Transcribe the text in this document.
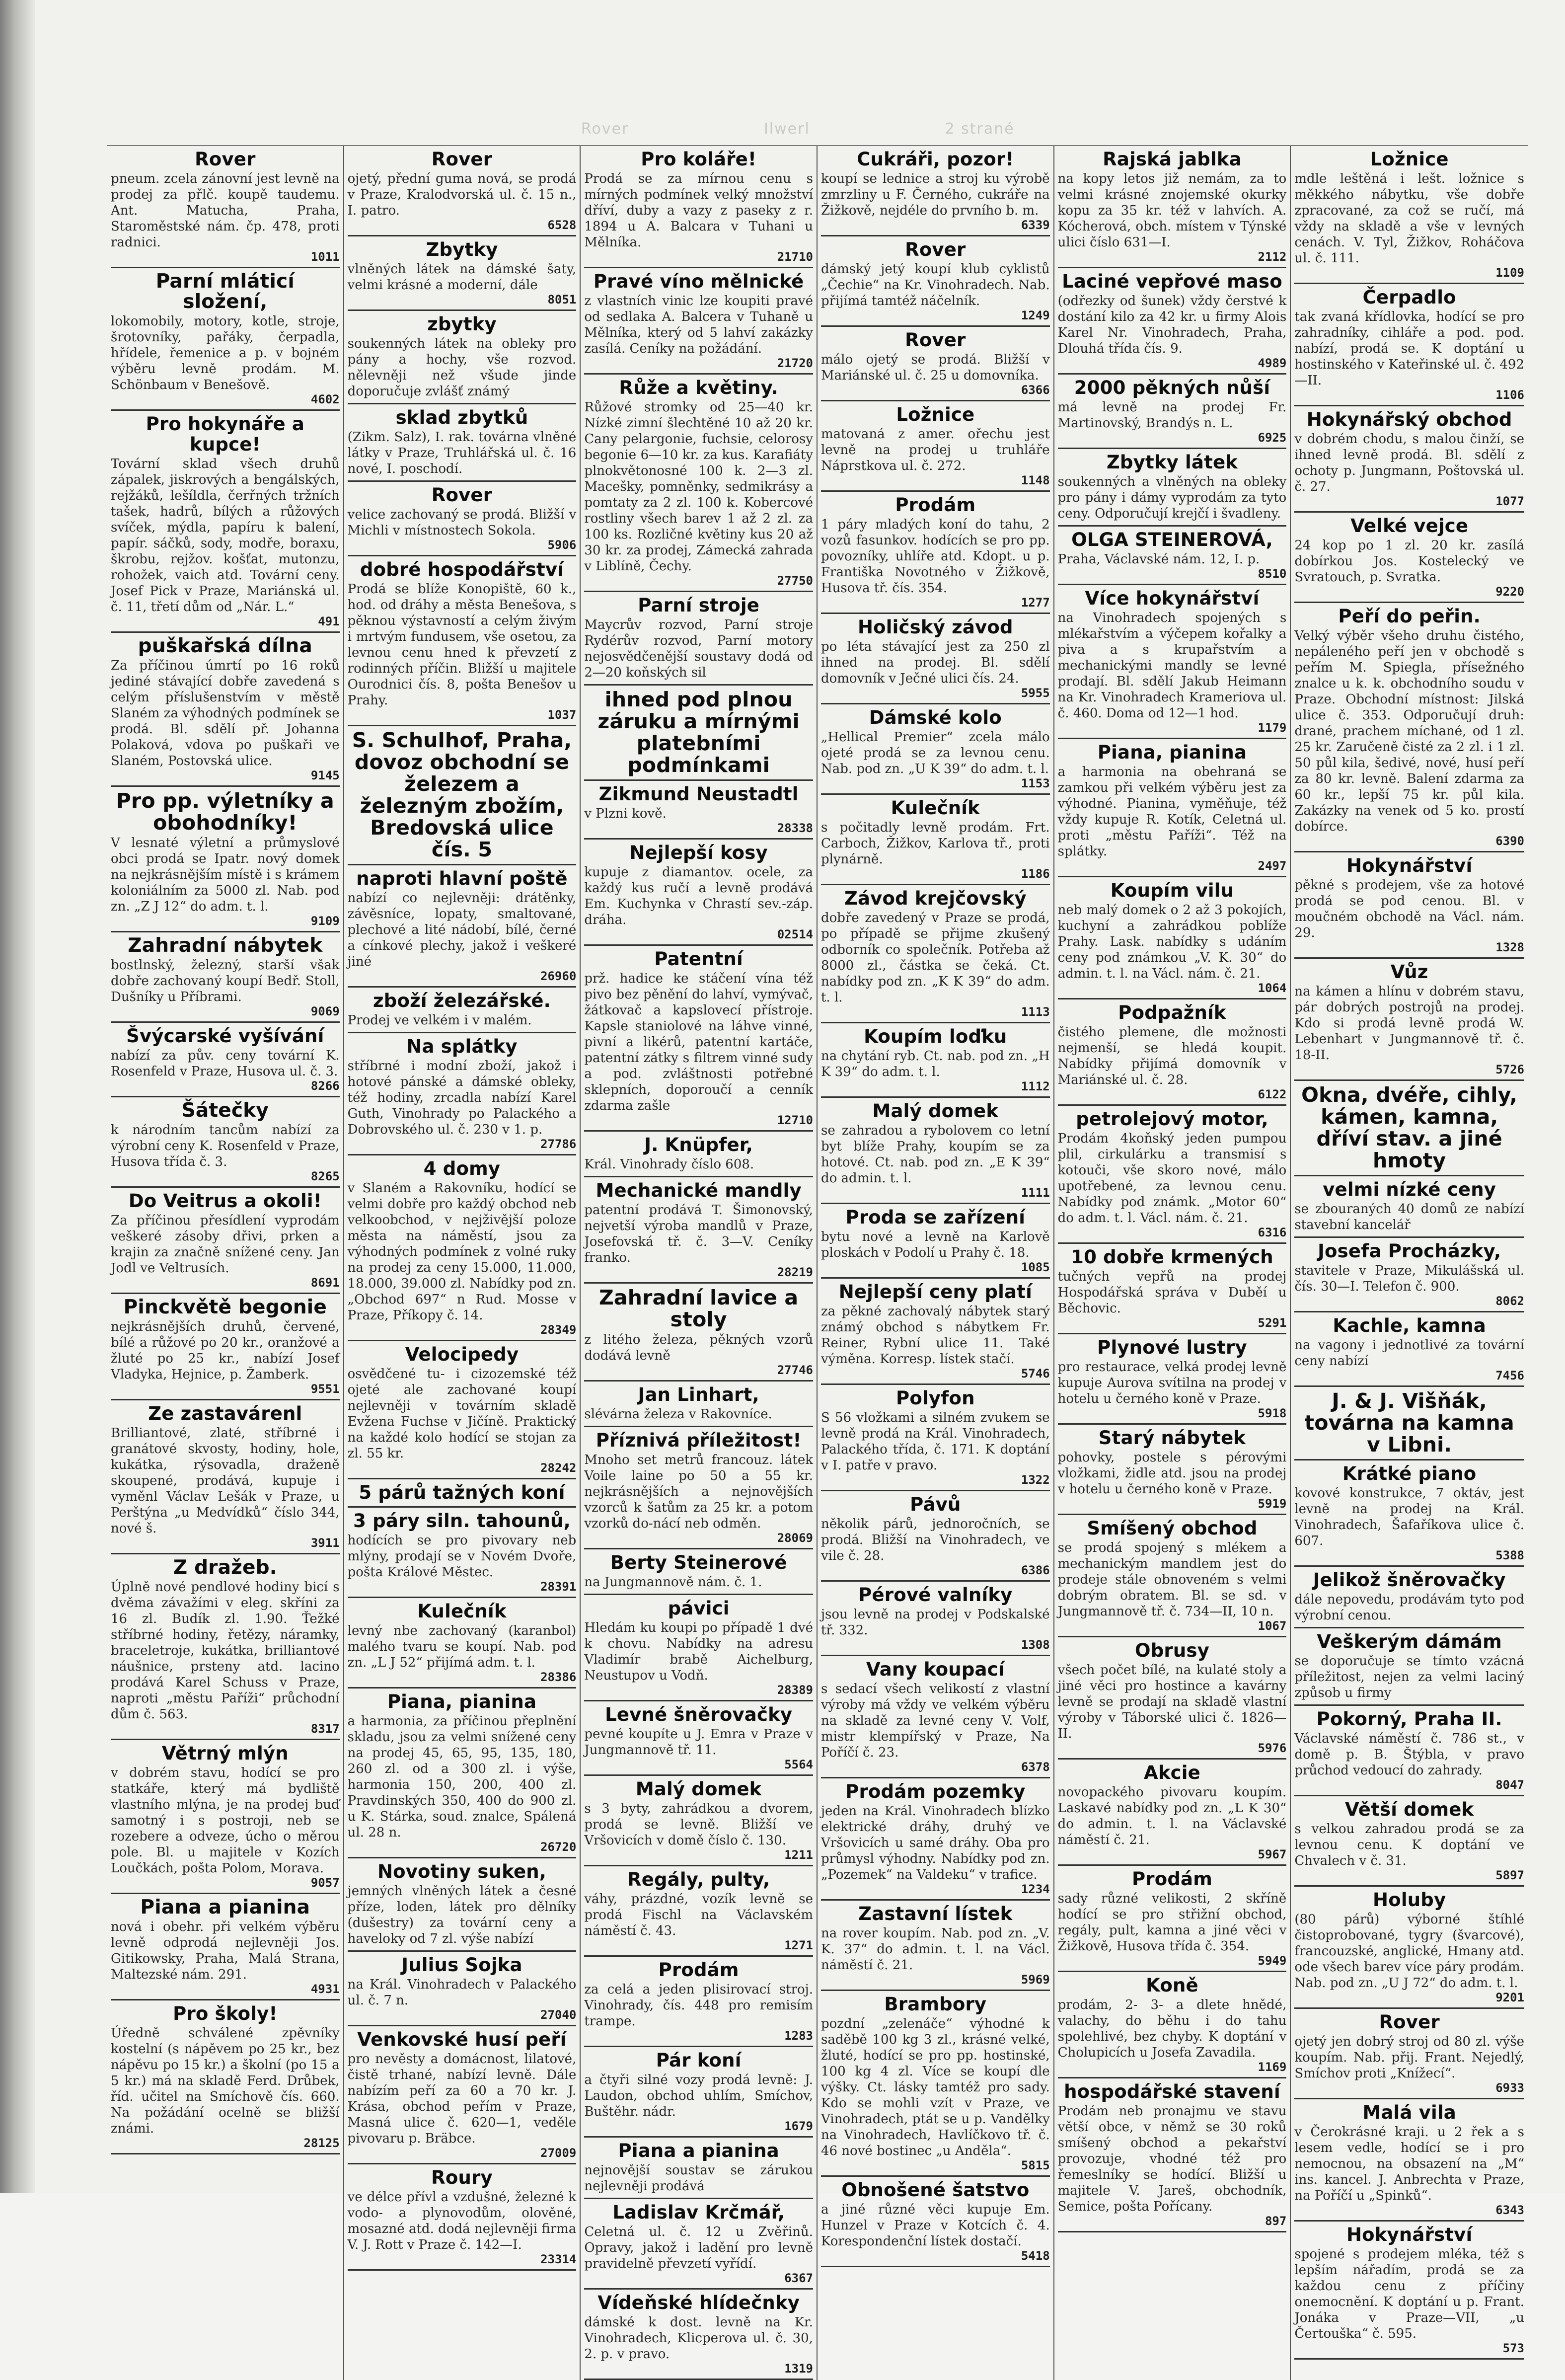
Rover	Ilwerl	2 strané
Rover

pneum. zcela zánovní jest levně na prodej za přlč. koupě taudemu. Ant. Matucha, Praha, Staroměstské nám. čp. 478, proti radnici.

1011
Parní mláticí složení,

lokomobily, motory, kotle, stroje, šrotovníky, pařáky, čerpadla, hřídele, řemenice a p. v bojném výběru levně prodám. M. Schönbaum v Benešově.

4602
Pro hokynáře a kupce!

Tovární sklad všech druhů zápalek, jiskrových a bengálských, rejžáků, lešíldla, čerřných tržních tašek, hadrů, bílých a růžových svíček, mýdla, papíru k balení, papír. sáčků, sody, modře, boraxu, škrobu, rejžov. košťat, mutonzu, rohožek, vaich atd. Tovární ceny. Josef Pick v Praze, Mariánská ul. č. 11, třetí dům od „Nár. L.“

491
puškařská dílna

Za příčinou úmrtí po 16 roků jediné stávající dobře zavedená s celým příslušenstvím v městě Slaném za výhodných podmínek se prodá. Bl. sdělí př. Johanna Polaková, vdova po puškaři ve Slaném, Postovská ulice.

9145
Pro pp. výletníky a obohodníky!

V lesnaté výletní a průmyslové obci prodá se Ipatr. nový domek na nejkrásnějším místě i s krámem koloniálním za 5000 zl. Nab. pod zn. „Z J 12“ do adm. t. l.

9109
Zahradní nábytek

bostlnský, železný, starší však dobře zachovaný koupí Bedř. Stoll, Dušníky u Příbrami.

9069
Švýcarské vyšívání

nabízí za pův. ceny tovární K. Rosenfeld v Praze, Husova ul. č. 3.

8266
Šátečky

k národním tancům nabízí za výrobní ceny K. Rosenfeld v Praze, Husova třída č. 3.

8265
Do Veitrus a okoli!

Za příčinou přesídlení vyprodám veškeré zásoby dřivi, prken a krajin za značně snížené ceny. Jan Jodl ve Veltrusích.

8691
Pinckvětě begonie

nejkrásnějších druhů, červené, bílé a růžové po 20 kr., oranžové a žluté po 25 kr., nabízí Josef Vladyka, Hejnice, p. Žamberk.

9551
Ze zastavárenl

Brilliantové, zlaté, stříbrné i granátové skvosty, hodiny, hole, kukátka, rýsovadla, draženě skoupené, prodává, kupuje i vyměnl Václav Lešák v Praze, u Perštýna „u Medvídků“ číslo 344, nové š.

3911
Z dražeb.

Úplně nové pendlové hodiny bicí s dvěma závažími v eleg. skříni za 16 zl. Budík zl. 1.90. Ťežké stříbrné hodiny, řetězy, náramky, braceletroje, kukátka, brilliantové náušnice, prsteny atd. lacino prodává Karel Schuss v Praze, naproti „městu Paříži“ průchodní dům č. 563.

8317
Větrný mlýn

v dobrém stavu, hodící se pro statkáře, který má bydliště vlastního mlýna, je na prodej buď samotný i s postroji, neb se rozebere a odveze, úcho o měrou pole. Bl. u majitele v Kozích Loučkách, pošta Polom, Morava.

9057
Piana a pianina

nová i obehr. při velkém výběru levně odprodá nejlevněji Jos. Gitikowsky, Praha, Malá Strana, Maltezské nám. 291.

4931
Pro školy!

Úředně schválené zpěvníky kostelní (s nápěvem po 25 kr., bez nápěvu po 15 kr.) a školní (po 15 a 5 kr.) má na skladě Ferd. Drůbek, říd. učitel na Smíchově čís. 660. Na požádání ocelně se bližší známi.

28125
Rover

ojetý, přední guma nová, se prodá v Praze, Kralodvorská ul. č. 15 n., I. patro.

6528
Zbytky

vlněných látek na dámské šaty, velmi krásné a moderní, dále

8051
zbytky

soukenných látek na obleky pro pány a hochy, vše rozvod. nělevněji než všude jinde doporučuje zvlášť známý

sklad zbytků

(Zikm. Salz), I. rak. továrna vlněné látky v Praze, Truhlářská ul. č. 16 nové, I. poschodí.

Rover

velice zachovaný se prodá. Bližší v Michli v místnostech Sokola.

5906
dobré hospodářství

Prodá se blíže Konopiště, 60 k., hod. od dráhy a města Benešova, s pěknou výstavností a celým živým i mrtvým fundusem, vše osetou, za levnou cenu hned k převzetí z rodinných příčin. Bližší u majitele Ourodnici čís. 8, pošta Benešov u Prahy.

1037
S. Schulhof, Praha, dovoz obchodní se železem a železným zbožím, Bredovská ulice čís. 5
naproti hlavní poště

nabízí co nejlevněji: drátěnky, závěsníce, lopaty, smaltované, plechové a lité nádobí, bílé, černé a cínkové plechy, jakož i veškeré jiné

26960
zboží železářské.

Prodej ve velkém i v malém.

Na splátky

stříbrné i modní zboží, jakož i hotové pánské a dámské obleky, též hodiny, zrcadla nabízí Karel Guth, Vinohrady po Palackého a Dobrovského ul. č. 230 v 1. p.

27786
4 domy

v Slaném a Rakovníku, hodící se velmi dobře pro každý obchod neb velkoobchod, v nejživější poloze města na náměstí, jsou za výhodných podmínek z volné ruky na prodej za ceny 15.000, 11.000, 18.000, 39.000 zl. Nabídky pod zn. „Obchod 697“ n Rud. Mosse v Praze, Příkopy č. 14.

28349
Velocipedy

osvědčené tu- i cizozemské též ojeté ale zachované koupí nejlevněji v továrním skladě Evžena Fuchse v Jičíně. Praktický na každé kolo hodící se stojan za zl. 55 kr.

28242
5 párů tažných koní
3 páry siln. tahounů,

hodících se pro pivovary neb mlýny, prodají se v Novém Dvoře, pošta Králové Městec.

28391
Kulečník

levný nbe zachovaný (karanbol) malého tvaru se koupí. Nab. pod zn. „L J 52“ přijímá adm. t. l.

28386
Piana, pianina

a harmonia, za příčinou přeplnění skladu, jsou za velmi snížené ceny na prodej 45, 65, 95, 135, 180, 260 zl. od a 300 zl. i výše, harmonia 150, 200, 400 zl. Pravdinských 350, 400 do 900 zl. u K. Stárka, soud. znalce, Spálená ul. 28 n.

26720
Novotiny suken,

jemných vlněných látek a česné příze, loden, látek pro dělníky (dušestry) za tovární ceny a haveloky od 7 zl. výše nabízí

Julius Sojka

na Král. Vinohradech v Palackého ul. č. 7 n.

27040
Venkovské husí peří

pro nevěsty a domácnost, lilatové, čistě trhané, nabízí levně. Dále nabízím peří za 60 a 70 kr. J. Krása, obchod peřím v Praze, Masná ulice č. 620—1, veděle pivovaru p. Bräbce.

27009
Roury

ve délce přívl a vzdušné, železné k vodo- a plynovodům, olověné, mosazné atd. dodá nejlevněji firma V. J. Rott v Praze č. 142—I.

23314
Pro koláře!

Prodá se za mírnou cenu s mírných podmínek velký množství dříví, duby a vazy z paseky z r. 1894 u A. Balcara v Tuhani u Mělníka.

21710
Pravé víno mělnické

z vlastních vinic lze koupiti pravé od sedlaka A. Balcera v Tuhaně u Mělníka, který od 5 lahví zakázky zasílá. Ceníky na požádání.

21720
Růže a květiny.

Růžové stromky od 25—40 kr. Nízké zimní šlechtěné 10 až 20 kr. Cany pelargonie, fuchsie, celorosy begonie 6—10 kr. za kus. Karafiáty plnokvětonosné 100 k. 2—3 zl. Macešky, pomněnky, sedmikrásy a pomtaty za 2 zl. 100 k. Kobercové rostliny všech barev 1 až 2 zl. za 100 ks. Rozličné květiny kus 20 až 30 kr. za prodej, Zámecká zahrada v Liblíně, Čechy.

27750
Parní stroje

Maycrův rozvod, Parní stroje Rydérův rozvod, Parní motory nejosvědčenější soustavy dodá od 2—20 koňských sil

ihned pod plnou záruku a mírnými platebními podmínkami
Zikmund Neustadtl

v Plzni kově.

28338
Nejlepší kosy

kupuje z diamantov. ocele, za každý kus ručí a levně prodává Em. Kuchynka v Chrastí sev.-záp. dráha.

02514
Patentní

prž. hadice ke stáčení vína též pivo bez pěnění do lahví, vymývač, žátkovač a kapslovecí přístroje. Kapsle staniolové na láhve vinné, pivní a likérů, patentní kartáče, patentní zátky s filtrem vinné sudy a pod. zvláštnosti potřebné sklepních, doporoučí a cenník zdarma zašle

12710
J. Knüpfer,

Král. Vinohrady číslo 608.

Mechanické mandly

patentní prodává T. Šimonovský, nejvetší výroba mandlů v Praze, Josefovská tř. č. 3—V. Ceníky franko.

28219
Zahradní lavice a stoly

z litého železa, pěkných vzorů dodává levně

27746
Jan Linhart,

slévárna železa v Rakovníce.

Příznivá příležitost!

Mnoho set metrů francouz. látek Voile laine po 50 a 55 kr. nejkrásnějších a nejnovějších vzorců k šatům za 25 kr. a potom vzorků do-nácí neb odměn.

28069
Berty Steinerové

na Jungmannově nám. č. 1.

pávici

Hledám ku koupi po případě 1 dvé k chovu. Nabídky na adresu Vladimír brabě Aichelburg, Neustupov u Vodň.

28389
Levné šněrovačky

pevné koupíte u J. Emra v Praze v Jungmannově tř. 11.

5564
Malý domek

s 3 byty, zahrádkou a dvorem, prodá se levně. Bližší ve Vršovicích v domě číslo č. 130.

1211
Regály, pulty,

váhy, prázdné, vozík levně se prodá Fischl na Václavském náměstí č. 43.

1271
Prodám

za celá a jeden plisirovací stroj. Vinohrady, čís. 448 pro remisím trampe.

1283
Pár koní

a čtyři silné vozy prodá levně: J. Laudon, obchod uhlím, Smíchov, Buštěhr. nádr.

1679
Piana a pianina

nejnovější soustav se zárukou nejlevněji prodává

Ladislav Krčmář,

Celetná ul. č. 12 u Zvěřinů. Opravy, jakož i ladění pro levně pravidelně převzetí vyřídí.

6367
Vídeňské hlídečnky

dámské k dost. levně na Kr. Vinohradech, Klicperova ul. č. 30, 2. p. v pravo.

1319
Cukráři, pozor!

koupí se lednice a stroj ku výrobě zmrzliny u F. Černého, cukráře na Žižkově, nejdéle do prvního b. m.

6339
Rover

dámský jetý koupí klub cyklistů „Čechie“ na Kr. Vinohradech. Nab. přijímá tamtéž náčelník.

1249
Rover

málo ojetý se prodá. Bližší v Mariánské ul. č. 25 u domovníka.

6366
Ložnice

matovaná z amer. ořechu jest levně na prodej u truhláře Náprstkova ul. č. 272.

1148
Prodám

1 páry mladých koní do tahu, 2 vozů fasunkov. hodících se pro pp. povozníky, uhlíře atd. Kdopt. u p. Františka Novotného v Žižkově, Husova tř. čís. 354.

1277
Holičský závod

po léta stávající jest za 250 zl ihned na prodej. Bl. sdělí domovník v Ječné ulici čís. 24.

5955
Dámské kolo

„Hellical Premier“ zcela málo ojeté prodá se za levnou cenu. Nab. pod zn. „U K 39“ do adm. t. l.

1153
Kulečník

s počitadly levně prodám. Frt. Carboch, Žižkov, Karlova tř., proti plynárně.

1186
Závod krejčovský

dobře zavedený v Praze se prodá, po případě se přijme zkušený odborník co společník. Potřeba až 8000 zl., částka se čeká. Ct. nabídky pod zn. „K K 39“ do adm. t. l.

1113
Koupím loďku

na chytání ryb. Ct. nab. pod zn. „H K 39“ do adm. t. l.

1112
Malý domek

se zahradou a rybolovem co letní byt blíže Prahy, koupím se za hotové. Ct. nab. pod zn. „E K 39“ do admin. t. l.

1111
Proda se zařízení

bytu nové a levně na Karlově ploskách v Podolí u Prahy č. 18.

1085
Nejlepší ceny platí

za pěkné zachovalý nábytek starý známý obchod s nábytkem Fr. Reiner, Rybní ulice 11. Také výměna. Korresp. lístek stačí.

5746
Polyfon

S 56 vložkami a silném zvukem se levně prodá na Král. Vinohradech, Palackého třída, č. 171. K doptání v I. patře v pravo.

1322
Pávů

několik párů, jednoročních, se prodá. Bližší na Vinohradech, ve vile č. 28.

6386
Pérové valníky

jsou levně na prodej v Podskalské tř. 332.

1308
Vany koupací

s sedací všech velikostí z vlastní výroby má vždy ve velkém výběru na skladě za levné ceny V. Volf, mistr klempířský v Praze, Na Poříčí č. 23.

6378
Prodám pozemky

jeden na Král. Vinohradech blízko elektrické dráhy, druhý ve Vršovicích u samé dráhy. Oba pro průmysl výhodny. Nabídky pod zn. „Pozemek“ na Valdeku“ v trafice.

1234
Zastavní lístek

na rover koupím. Nab. pod zn. „V. K. 37“ do admin. t. l. na Václ. náměstí č. 21.

5969
Brambory

pozdní „zelenáče“ výhodné k saděbě 100 kg 3 zl., krásné velké, žluté, hodící se pro pp. hostinské, 100 kg 4 zl. Více se koupí dle výšky. Ct. lásky tamtéž pro sady. Kdo se mohli vzít v Praze, ve Vinohradech, ptát se u p. Vandělky na Vinohradech, Havlíčkovo tř. č. 46 nové bostinec „u Anděla“.

5815
Obnošené šatstvo

a jiné různé věci kupuje Em. Hunzel v Praze v Kotcích č. 4. Korespondenční lístek dostačí.

5418
Rajská jablka

na kopy letos již nemám, za to velmi krásné znojemské okurky kopu za 35 kr. též v lahvích. A. Kócherová, obch. místem v Týnské ulici číslo 631—I.

2112
Laciné vepřové maso

(odřezky od šunek) vždy čerstvé k dostání kilo za 42 kr. u firmy Alois Karel Nr. Vinohradech, Praha, Dlouhá třída čís. 9.

4989
2000 pěkných nůší

má levně na prodej Fr. Martinovský, Brandýs n. L.

6925
Zbytky látek

soukenných a vlněných na obleky pro pány i dámy vyprodám za tyto ceny. Odporučují krejčí i švadleny.

OLGA STEINEROVÁ,

Praha, Václavské nám. 12, I. p.

8510
Více hokynářství

na Vinohradech spojených s mlékařstvím a výčepem kořalky a piva a s krupařstvím a mechanickými mandly se levné prodají. Bl. sdělí Jakub Heimann na Kr. Vinohradech Krameriova ul. č. 460. Doma od 12—1 hod.

1179
Piana, pianina

a harmonia na obehraná se zamkou při velkém výběru jest za výhodné. Pianina, vyměňuje, též vždy kupuje R. Kotík, Celetná ul. proti „městu Paříži“. Též na splátky.

2497
Koupím vilu

neb malý domek o 2 až 3 pokojích, kuchyní a zahrádkou poblíže Prahy. Lask. nabídky s udáním ceny pod známkou „V. K. 30“ do admin. t. l. na Václ. nám. č. 21.

1064
Podpažník

čistého plemene, dle možnosti nejmenší, se hledá koupit. Nabídky přijímá domovník v Mariánské ul. č. 28.

6122
petrolejový motor,

Prodám 4koňský jeden pumpou plil, cirkulárku a transmisí s kotouči, vše skoro nové, málo upotřebené, za levnou cenu. Nabídky pod známk. „Motor 60“ do adm. t. l. Václ. nám. č. 21.

6316
10 dobře krmených

tučných vepřů na prodej Hospodářská správa v Duběí u Běchovic.

5291
Plynové lustry

pro restaurace, velká prodej levně kupuje Aurova svítilna na prodej v hotelu u černého koně v Praze.

5918
Starý nábytek

pohovky, postele s pérovými vložkami, židle atd. jsou na prodej v hotelu u černého koně v Praze.

5919
Smíšený obchod

se prodá spojený s mlékem a mechanickým mandlem jest do prodeje stále obnoveném s velmi dobrým obratem. Bl. se sd. v Jungmannově tř. č. 734—II, 10 n.

1067
Obrusy

všech počet bílé, na kulaté stoly a jiné věci pro hostince a kavárny levně se prodají na skladě vlastní výroby v Táborské ulici č. 1826—II.

5976
Akcie

novopackého pivovaru koupím. Laskavé nabídky pod zn. „L K 30“ do admin. t. l. na Václavské náměstí č. 21.

5967
Prodám

sady různé velikosti, 2 skříně hodící se pro střižní obchod, regály, pult, kamna a jiné věci v Žižkově, Husova třída č. 354.

5949
Koně

prodám, 2- 3- a dlete hnědé, valachy, do běhu i do tahu spolehlivé, bez chyby. K doptání v Cholupicích u Josefa Zavadila.

1169
hospodářské stavení

Prodám neb pronajmu ve stavu větší obce, v němž se 30 roků smíšený obchod a pekařství provozuje, vhodné též pro řemeslníky se hodící. Bližší u majitele V. Jareš, obchodník, Semice, pošta Pořícany.

897
Ložnice

mdle leštěná i lešt. ložnice s měkkého nábytku, vše dobře zpracované, za což se ručí, má vždy na skladě a vše v levných cenách. V. Tyl, Žižkov, Roháčova ul. č. 111.

1109
Čerpadlo

tak zvaná křídlovka, hodící se pro zahradníky, cihláře a pod. pod. nabízí, prodá se. K doptání u hostinského v Kateřinské ul. č. 492—II.

1106
Hokynářský obchod

v dobrém chodu, s malou činží, se ihned levně prodá. Bl. sdělí z ochoty p. Jungmann, Poštovská ul. č. 27.

1077
Velké vejce

24 kop po 1 zl. 20 kr. zasílá dobírkou Jos. Kostelecký ve Svratouch, p. Svratka.

9220
Peří do peřin.

Velký výběr všeho druhu čistého, nepáleného peří jen v obchodě s peřím M. Spiegla, přísežného znalce u k. k. obchodního soudu v Praze. Obchodní místnost: Jilská ulice č. 353. Odporučují druh: drané, prachem míchané, od 1 zl. 25 kr. Zaručeně čisté za 2 zl. i 1 zl. 50 půl kila, šedivé, nové, husí peří za 80 kr. levně. Balení zdarma za 60 kr., lepší 75 kr. půl kila. Zakázky na venek od 5 ko. prostí dobírce.

6390
Hokynářství

pěkné s prodejem, vše za hotové prodá se pod cenou. Bl. v moučném obchodě na Václ. nám. 29.

1328
Vůz

na kámen a hlínu v dobrém stavu, pár dobrých postrojů na prodej. Kdo si prodá levně prodá W. Lebenhart v Jungmannově tř. č. 18-II.

5726
Okna, dvéře, cihly, kámen, kamna, dříví stav. a jiné hmoty
velmi nízké ceny

se zbouraných 40 domů ze nabízí stavební kancelář

Josefa Procházky,

stavitele v Praze, Mikulášská ul. čís. 30—I. Telefon č. 900.

8062
Kachle, kamna

na vagony i jednotlivé za tovární ceny nabízí

7456
J. & J. Višňák, továrna na kamna v Libni.
Krátké piano

kovové konstrukce, 7 oktáv, jest levně na prodej na Král. Vinohradech, Šafaříkova ulice č. 607.

5388
Jelikož šněrovačky

dále nepovedu, prodávám tyto pod výrobní cenou.

Veškerým dámám

se doporučuje se tímto vzácná příležitost, nejen za velmi laciný způsob u firmy

Pokorný, Praha II.

Václavské náměstí č. 786 st., v domě p. B. Štýbla, v pravo průchod vedoucí do zahrady.

8047
Větší domek

s velkou zahradou prodá se za levnou cenu. K doptání ve Chvalech v č. 31.

5897
Holuby

(80 párů) výborné štíhlé čistoprobované, tygry (švarcové), francouzské, anglické, Hmany atd. ode všech barev více páry prodám. Nab. pod zn. „U J 72“ do adm. t. l.

9201
Rover

ojetý jen dobrý stroj od 80 zl. výše koupím. Nab. přij. Frant. Nejedlý, Smíchov proti „Knížecí“.

6933
Malá vila

v Čerokrásné kraji. u 2 řek a s lesem vedle, hodící se i pro nemocnou, na obsazení na „M“ ins. kancel. J. Anbrechta v Praze, na Poříčí u „Spinků“.

6343
Hokynářství

spojené s prodejem mléka, též s lepším nářadím, prodá se za každou cenu z příčiny onemocnění. K doptání u p. Frant. Jonáka v Praze—VII, „u Čertouška“ č. 595.

573
